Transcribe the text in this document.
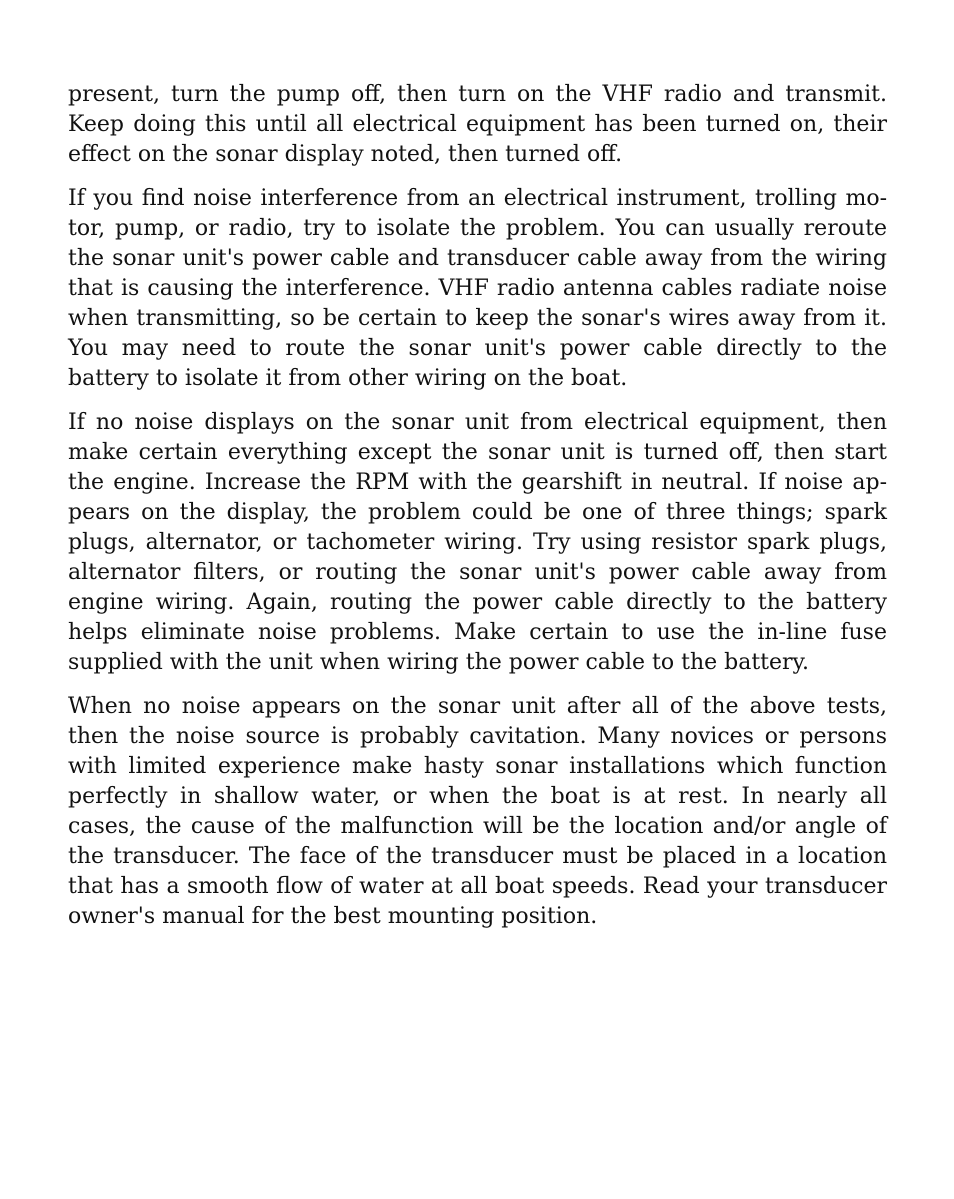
present, turn the pump off, then turn on the VHF radio and transmit. Keep doing this until all electrical equipment has been turned on, their effect on the sonar display noted, then turned off.

If you find noise interference from an electrical instrument, trolling motor, pump, or radio, try to isolate the problem. You can usually reroute the sonar unit's power cable and transducer cable away from the wiring that is causing the interference. VHF radio antenna cables radiate noise when transmitting, so be certain to keep the sonar's wires away from it. You may need to route the sonar unit's power cable directly to the battery to isolate it from other wiring on the boat.

If no noise displays on the sonar unit from electrical equipment, then make certain everything except the sonar unit is turned off, then start the engine. Increase the RPM with the gearshift in neutral. If noise appears on the display, the problem could be one of three things; spark plugs, alternator, or tachometer wiring. Try using resistor spark plugs, alternator filters, or routing the sonar unit's power cable away from engine wiring. Again, routing the power cable directly to the battery helps eliminate noise problems. Make certain to use the in-line fuse supplied with the unit when wiring the power cable to the battery.

When no noise appears on the sonar unit after all of the above tests, then the noise source is probably cavitation. Many novices or persons with limited experience make hasty sonar installations which function perfectly in shallow water, or when the boat is at rest. In nearly all cases, the cause of the malfunction will be the location and/or angle of the transducer. The face of the transducer must be placed in a location that has a smooth flow of water at all boat speeds. Read your transducer owner's manual for the best mounting position.
